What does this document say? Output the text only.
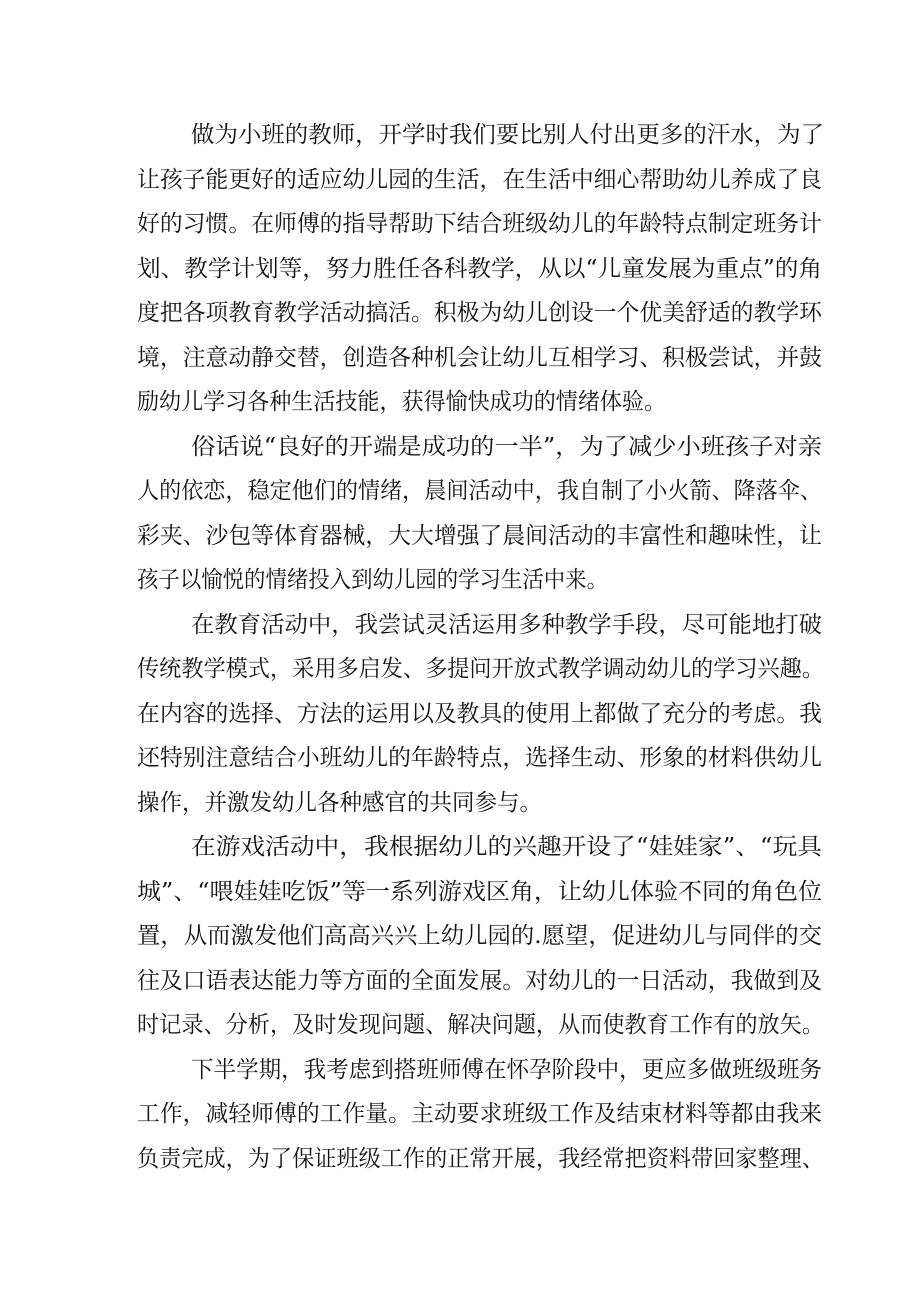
做为小班的教师，开学时我们要比别人付出更多的汗水，为了

让孩子能更好的适应幼儿园的生活，在生活中细心帮助幼儿养成了良

好的习惯。在师傅的指导帮助下结合班级幼儿的年龄特点制定班务计

划、教学计划等，努力胜任各科教学，从以“儿童发展为重点”的角

度把各项教育教学活动搞活。积极为幼儿创设一个优美舒适的教学环

境，注意动静交替，创造各种机会让幼儿互相学习、积极尝试，并鼓

励幼儿学习各种生活技能，获得愉快成功的情绪体验。

俗话说“良好的开端是成功的一半”，为了减少小班孩子对亲

人的依恋，稳定他们的情绪，晨间活动中，我自制了小火箭、降落伞、

彩夹、沙包等体育器械，大大增强了晨间活动的丰富性和趣味性，让

孩子以愉悦的情绪投入到幼儿园的学习生活中来。

在教育活动中，我尝试灵活运用多种教学手段，尽可能地打破

传统教学模式，采用多启发、多提问开放式教学调动幼儿的学习兴趣。

在内容的选择、方法的运用以及教具的使用上都做了充分的考虑。我

还特别注意结合小班幼儿的年龄特点，选择生动、形象的材料供幼儿

操作，并激发幼儿各种感官的共同参与。

在游戏活动中，我根据幼儿的兴趣开设了“娃娃家”、“玩具

城”、“喂娃娃吃饭”等一系列游戏区角，让幼儿体验不同的角色位

置，从而激发他们高高兴兴上幼儿园的.愿望，促进幼儿与同伴的交

往及口语表达能力等方面的全面发展。对幼儿的一日活动，我做到及

时记录、分析，及时发现问题、解决问题，从而使教育工作有的放矢。

下半学期，我考虑到搭班师傅在怀孕阶段中，更应多做班级班务

工作，减轻师傅的工作量。主动要求班级工作及结束材料等都由我来

负责完成，为了保证班级工作的正常开展，我经常把资料带回家整理、
